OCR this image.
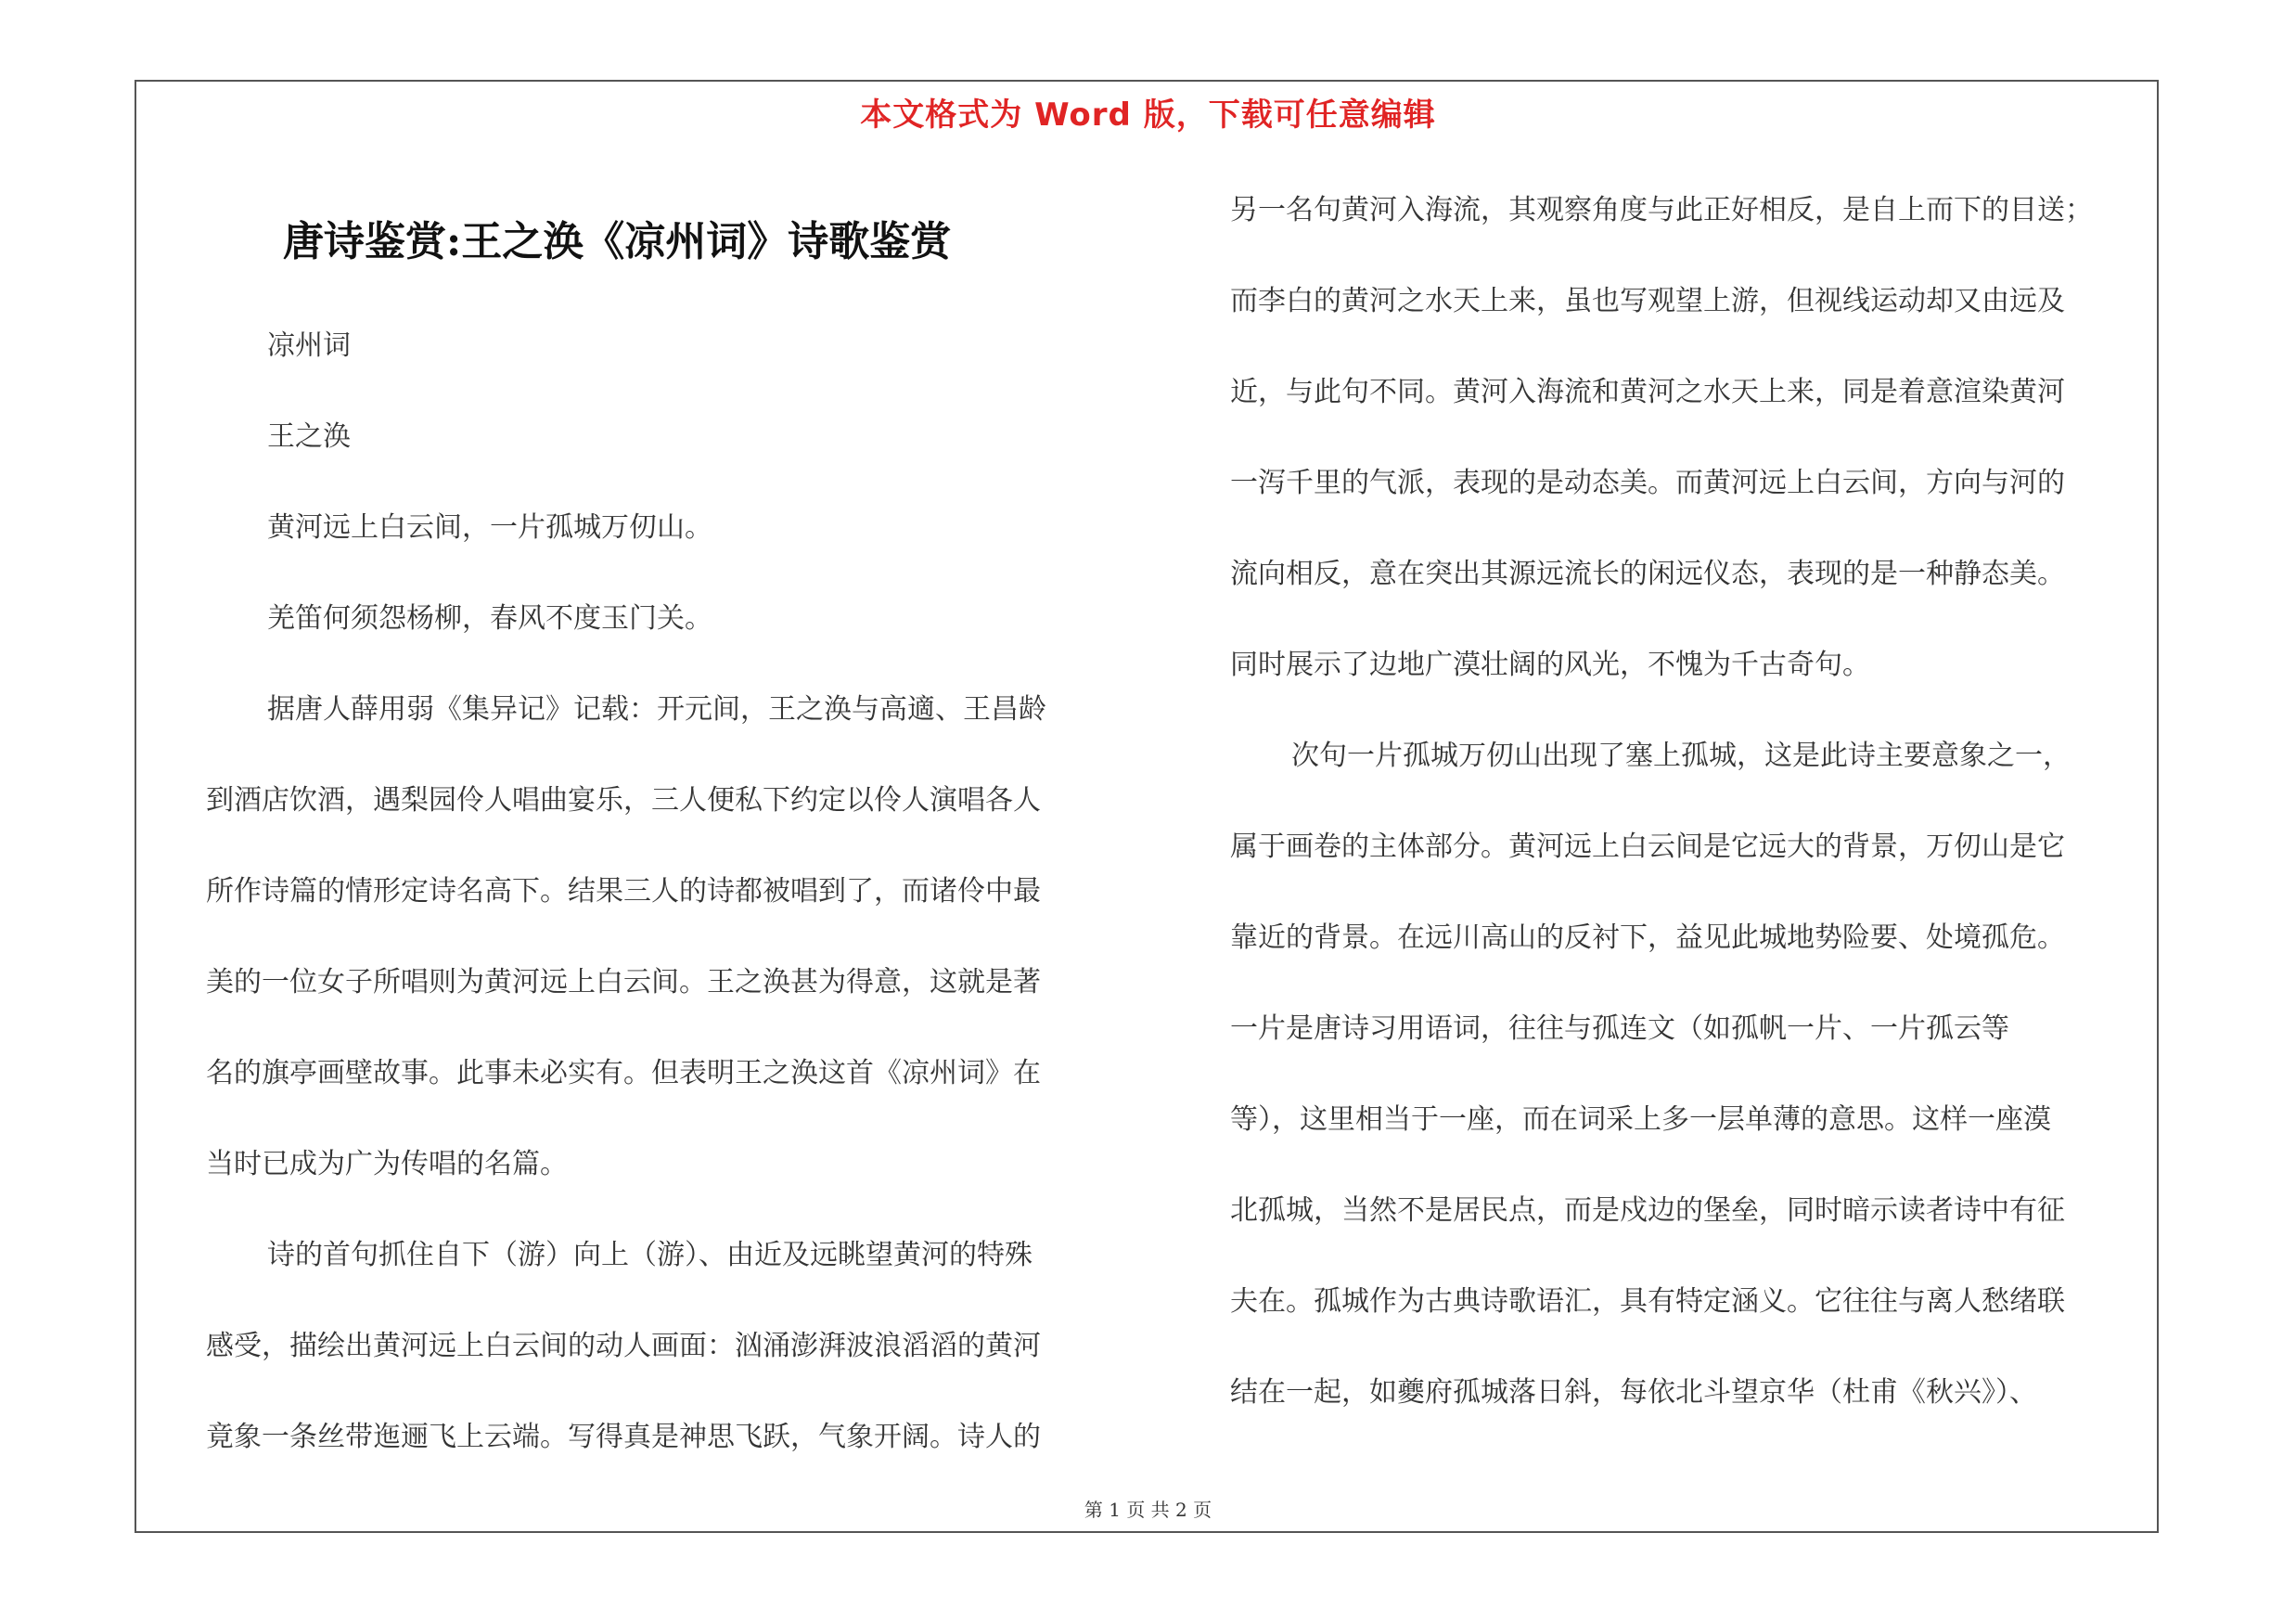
本文格式为 Word 版，下载可任意编辑
唐诗鉴赏:王之涣《凉州词》诗歌鉴赏
凉州词
王之涣
黄河远上白云间，一片孤城万仞山。
羌笛何须怨杨柳，春风不度玉门关。
据唐人薛用弱《集异记》记载：开元间，王之涣与高適、王昌龄
到酒店饮酒，遇梨园伶人唱曲宴乐，三人便私下约定以伶人演唱各人
所作诗篇的情形定诗名高下。结果三人的诗都被唱到了，而诸伶中最
美的一位女子所唱则为黄河远上白云间。王之涣甚为得意，这就是著
名的旗亭画壁故事。此事未必实有。但表明王之涣这首《凉州词》在
当时已成为广为传唱的名篇。
诗的首句抓住自下（游）向上（游）、由近及远眺望黄河的特殊
感受，描绘出黄河远上白云间的动人画面：汹涌澎湃波浪滔滔的黄河
竟象一条丝带迤逦飞上云端。写得真是神思飞跃，气象开阔。诗人的
另一名句黄河入海流，其观察角度与此正好相反，是自上而下的目送；
而李白的黄河之水天上来，虽也写观望上游，但视线运动却又由远及
近，与此句不同。黄河入海流和黄河之水天上来，同是着意渲染黄河
一泻千里的气派，表现的是动态美。而黄河远上白云间，方向与河的
流向相反，意在突出其源远流长的闲远仪态，表现的是一种静态美。
同时展示了边地广漠壮阔的风光，不愧为千古奇句。
次句一片孤城万仞山出现了塞上孤城，这是此诗主要意象之一，
属于画卷的主体部分。黄河远上白云间是它远大的背景，万仞山是它
靠近的背景。在远川高山的反衬下，益见此城地势险要、处境孤危。
一片是唐诗习用语词，往往与孤连文（如孤帆一片、一片孤云等
等），这里相当于一座，而在词采上多一层单薄的意思。这样一座漠
北孤城，当然不是居民点，而是戍边的堡垒，同时暗示读者诗中有征
夫在。孤城作为古典诗歌语汇，具有特定涵义。它往往与离人愁绪联
结在一起，如夔府孤城落日斜，每依北斗望京华（杜甫《秋兴》）、
第 1 页 共 2 页
